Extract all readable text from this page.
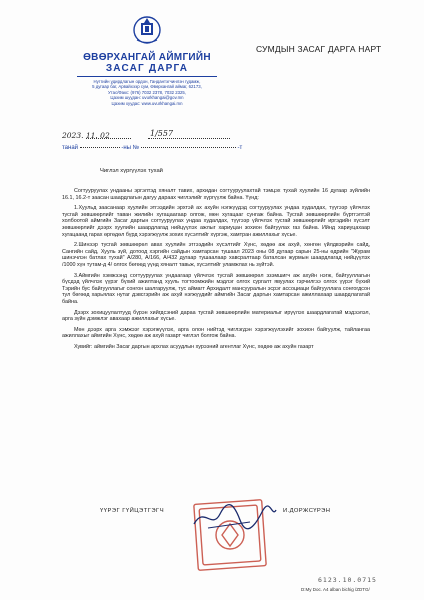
ӨВӨРХАНГАЙ АЙМГИЙН
ЗАСАГ ДАРГА
Нутгийн удирдлагын ордон, Гандантэгчинлэн гудамж,
5 дугаар баг, Арвайхээр сум, Өвөрхангай аймаг, 62173,
Утас/Факс: (976) 7032 2378, 7032 2325,
Цахим шуудан: uvurkhangai@gov.mn
Цахим хуудас: www.uvurkhangai.mn
СУМДЫН ЗАСАГ ДАРГА НАРТ
2023. 11. 02	1/557
танай	-ны №	-т
Чиглэл хүргүүлэх тухай

Согтууруулах ундааны эргэлтэд хяналт тавих, архидан согтууруулахтай тэмцэх тухай хуулийн 16 дугаар зүйлийн 16.1, 16.2-т заасан шаардлагын дагуу дараах чиглэлийг хүргүүлж байна. Үүнд:

1.Хуульд заасанаар хуулийн этгээдийн эрхтэй ах ахуйн нэгжүүдэд согтууруулах ундаа худалдах, түүгээр үйлчлэх тусгай зөвшөөрлийг таван жилийн хугацаагаар олгож, мөн хугацааг сунгаж байна. Тусгай зөвшөөрлийн бүртгэлтэй холбоотой аймгийн Засаг даргын согтууруулах ундаа худалдах, түүгээр үйлчлэх тусгай зөвшөөрлийг иргэдийн хүсэлт зөвшөөрлийг дээрх хуулийн шаардлагад нийцүүлэх ажлыг хариуцан зохион байгуулах газ байна. Ийнд хариуцахаар хугацаанд гарах өргөдөл бүрд хэрэгжүүлж зохих хүсэлтийг хүргэж, хамтран ажиллахыг хүсье.

2.Шинээр тусгай зөвшөөрөл авах хуулийн этгээдийн хүсэлтийг Хүнс, хөдөө аж ахуй, хөнгөн үйлдвэрийн сайд, Сангийн сайд, Хууль зүй, дотоод хэргийн сайдын хамтарсан тушаал 2023 оны 08 дугаар сарын 25-ны өдрийн "Журам шинэчлэн батлах тухай" А/280, А/166, А/432 дугаар тушаалаар хавсралтаар баталсан журмын шаардлагад нийцүүлэх /1000 хүн тутам-д 4/ олгох бөгөөд үүнд хяналт тавьж, хүсэлтийг уламжлах нь зүйтэй.

3.Аймгийн хэмжээнд согтууруулах ундаагаар үйлчлэх тусгай зөвшөөрөл эзэмшигч аж ахуйн нэгж, байгууллагын бүсдэд үйлчлэх үүрэг бүхий ажилтанд хууль тогтоомжийн мэдлэг олгох сургалт явуулах гэрчилгээ олгох үүрэг бүхий Тэрийн бус байгууллагыг сонгон шалгаруулж, тус аймагт Архидалт мансууралын эсрэг ассоциаци байгууллага сонгогдсон тул бөгөөд харьялах нутаг дэвсгэрийн аж ахуй нэгжүүдийг аймгийн Засаг даргын хамтарсан ажиллахаар шаардлагатай байна.

Дээрх зохицуулалтууд бүрэн хийгдсэний дараа тусгай зөвшөөрлийн материалыг ирүүлэх шаардлагатай мэдээлэл, арга зүйн дэмжлэг авахаар ажиллахыг хүсье.

Мөн дээрх арга хэмжээг хэрэгжүүлэх, арга олон нийтэд чиглэгдэн хэрэгжүүлэхийг зохион байгуулж, тайлангаа ажиллахыг аймгийн Хүнс, хөдөө аж ахуй газарт чиглэл болгож байна.

Хувийг: аймгийн Засаг даргын архлах асуудлын хурээний агентлаг Хүнс, хөдөө аж ахуйн газарт

ҮҮРЭГ ГҮЙЦЭТГЭГЧ	И.ДОРЖСҮРЭН
6123.10.0715
D:My Doc. A4 alban bichig /ZDTG/
